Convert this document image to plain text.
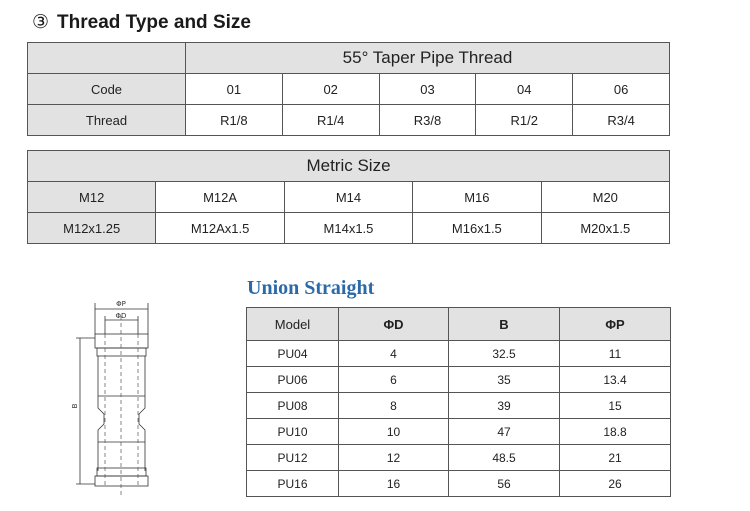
③ Thread Type and Size
	55° Taper Pipe Thread				
Code	01	02	03	04	06
Thread	R1/8	R1/4	R3/8	R1/2	R3/4
Metric Size				
M12	M12A	M14	M16	M20
M12x1.25	M12Ax1.5	M14x1.5	M16x1.5	M20x1.5
ΦP
ΦD
B
Union Straight
Model	ΦD	B	ΦP
PU04	4	32.5	11
PU06	6	35	13.4
PU08	8	39	15
PU10	10	47	18.8
PU12	12	48.5	21
PU16	16	56	26
